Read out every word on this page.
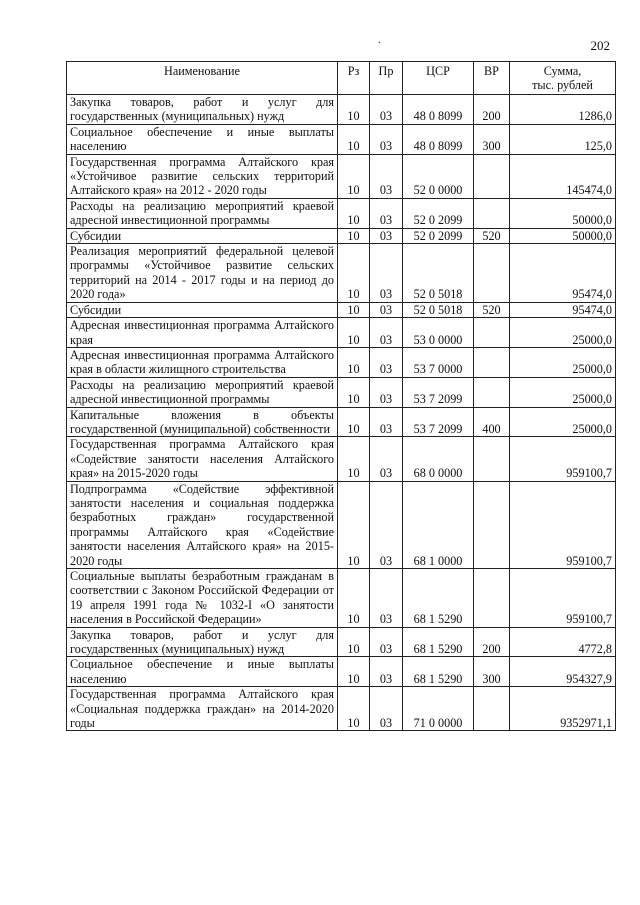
.	202
Наименование	Рз	Пр	ЦСР	ВР	Сумма,
тыс. рублей

Закупка товаров, работ и услуг для государственных (муниципальных) нужд	10	03	48 0 8099	200	1286,0
Социальное обеспечение и иные выплаты населению	10	03	48 0 8099	300	125,0
Государственная программа Алтайского края «Устойчивое развитие сельских территорий Алтайского края» на 2012 - 2020 годы	10	03	52 0 0000		145474,0
Расходы на реализацию мероприятий краевой адресной инвестиционной программы	10	03	52 0 2099		50000,0
Субсидии	10	03	52 0 2099	520	50000,0
Реализация мероприятий федеральной целевой программы «Устойчивое развитие сельских территорий на 2014 - 2017 годы и на период до 2020 года»	10	03	52 0 5018		95474,0
Субсидии	10	03	52 0 5018	520	95474,0
Адресная инвестиционная программа Алтайского края	10	03	53 0 0000		25000,0
Адресная инвестиционная программа Алтайского края в области жилищного строительства	10	03	53 7 0000		25000,0
Расходы на реализацию мероприятий краевой адресной инвестиционной программы	10	03	53 7 2099		25000,0
Капитальные вложения в объекты государственной (муниципальной) собственности	10	03	53 7 2099	400	25000,0
Государственная программа Алтайского края «Содействие занятости населения Алтайского края» на 2015-2020 годы	10	03	68 0 0000		959100,7
Подпрограмма «Содействие эффективной занятости населения и социальная поддержка безработных граждан» государственной программы Алтайского края «Содействие занятости населения Алтайского края» на 2015-2020 годы	10	03	68 1 0000		959100,7
Социальные выплаты безработным гражданам в соответствии с Законом Российской Федерации от 19 апреля 1991 года № 1032-I «О занятости населения в Российской Федерации»	10	03	68 1 5290		959100,7
Закупка товаров, работ и услуг для государственных (муниципальных) нужд	10	03	68 1 5290	200	4772,8
Социальное обеспечение и иные выплаты населению	10	03	68 1 5290	300	954327,9
Государственная программа Алтайского края «Социальная поддержка граждан» на 2014-2020 годы	10	03	71 0 0000		9352971,1
